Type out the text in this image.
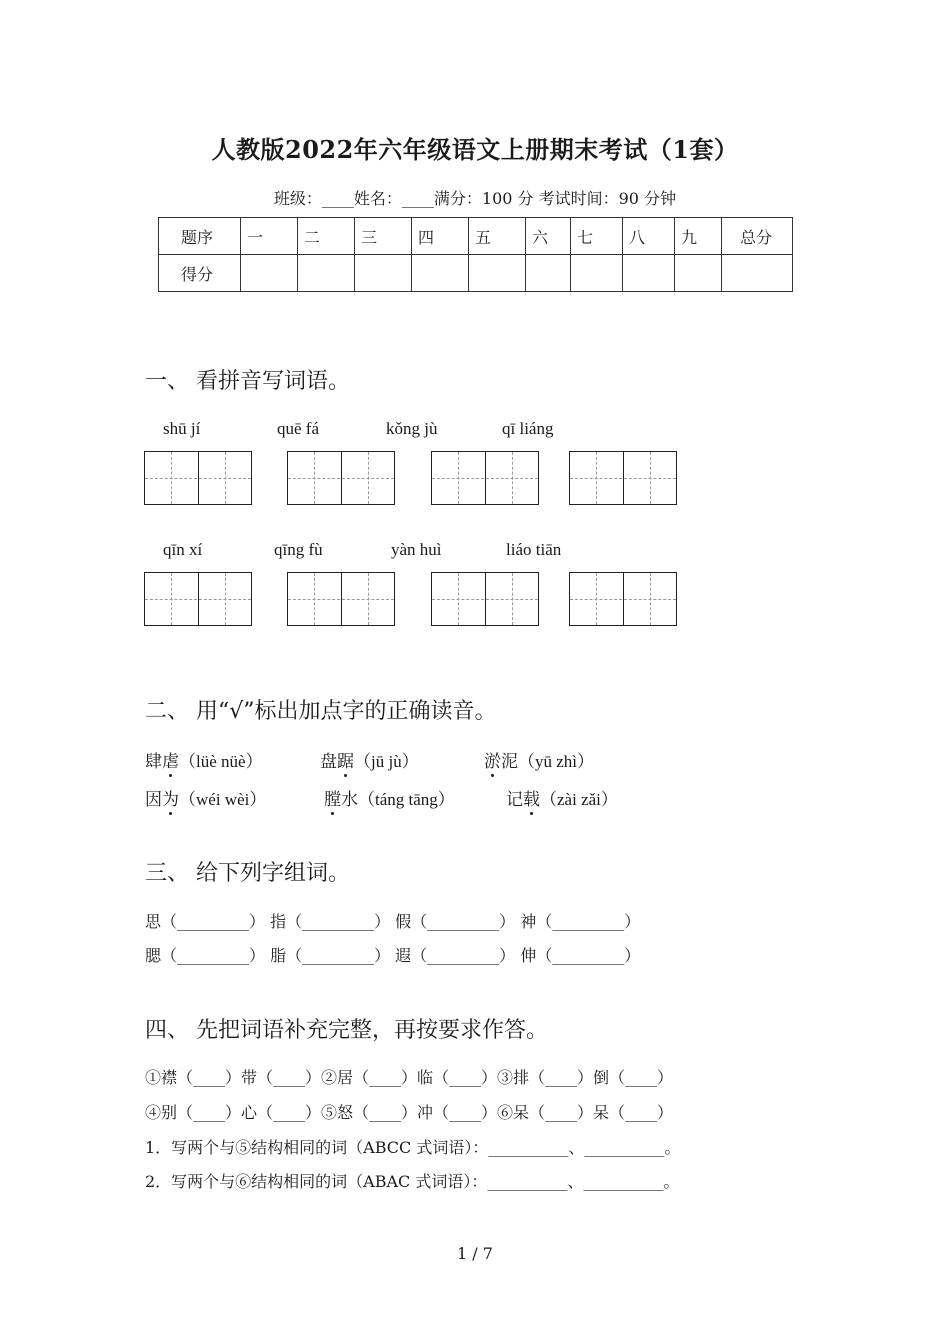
人教版2022年六年级语文上册期末考试（1套）
班级：____姓名：____满分：100 分 考试时间：90 分钟
题序	一	二	三	四	五	六	七	八	九	总分
得分										
一、 看拼音写词语。
shū jí	quē fá	kǒng jù	qī liáng
qīn xí	qīng fù	yàn huì	liáo tiān
二、 用“√”标出加点字的正确读音。
肆虐（lüè nüè）	盘踞（jū jù）	淤泥（yū zhì）
因为（wéi wèi）	膛水（táng tāng）	记载（zài zǎi）
三、 给下列字组词。
思（_________） 指（_________） 假（_________） 神（_________）
腮（_________） 脂（_________） 遐（_________） 伸（_________）
四、 先把词语补充完整，再按要求作答。
①襟（____）带（____）②居（____）临（____）③排（____）倒（____）
④别（____）心（____）⑤怒（____）冲（____）⑥呆（____）呆（____）
1．写两个与⑤结构相同的词（ABCC 式词语）：__________、__________。
2．写两个与⑥结构相同的词（ABAC 式词语）：__________、__________。
1 / 7
